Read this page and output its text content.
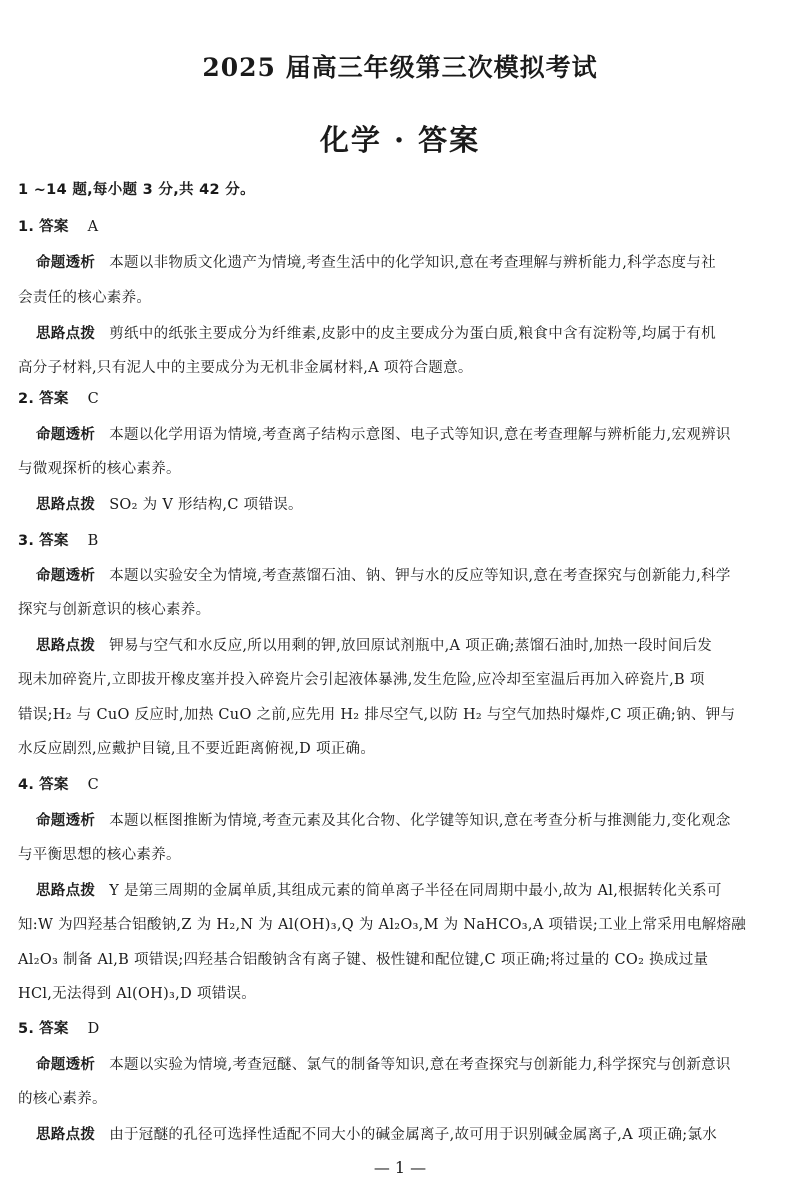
2025 届高三年级第三次模拟考试
化学 · 答案
1 ~14 题,每小题 3 分,共 42 分。
1. 答案 A
命题透析 本题以非物质文化遗产为情境,考查生活中的化学知识,意在考查理解与辨析能力,科学态度与社
会责任的核心素养。
思路点拨 剪纸中的纸张主要成分为纤维素,皮影中的皮主要成分为蛋白质,粮食中含有淀粉等,均属于有机
高分子材料,只有泥人中的主要成分为无机非金属材料,A 项符合题意。
2. 答案 C
命题透析 本题以化学用语为情境,考查离子结构示意图、电子式等知识,意在考查理解与辨析能力,宏观辨识
与微观探析的核心素养。
思路点拨 SO₂ 为 V 形结构,C 项错误。
3. 答案 B
命题透析 本题以实验安全为情境,考查蒸馏石油、钠、钾与水的反应等知识,意在考查探究与创新能力,科学
探究与创新意识的核心素养。
思路点拨 钾易与空气和水反应,所以用剩的钾,放回原试剂瓶中,A 项正确;蒸馏石油时,加热一段时间后发
现未加碎瓷片,立即拔开橡皮塞并投入碎瓷片会引起液体暴沸,发生危险,应冷却至室温后再加入碎瓷片,B 项
错误;H₂ 与 CuO 反应时,加热 CuO 之前,应先用 H₂ 排尽空气,以防 H₂ 与空气加热时爆炸,C 项正确;钠、钾与
水反应剧烈,应戴护目镜,且不要近距离俯视,D 项正确。
4. 答案 C
命题透析 本题以框图推断为情境,考查元素及其化合物、化学键等知识,意在考查分析与推测能力,变化观念
与平衡思想的核心素养。
思路点拨 Y 是第三周期的金属单质,其组成元素的简单离子半径在同周期中最小,故为 Al,根据转化关系可
知:W 为四羟基合铝酸钠,Z 为 H₂,N 为 Al(OH)₃,Q 为 Al₂O₃,M 为 NaHCO₃,A 项错误;工业上常采用电解熔融
Al₂O₃ 制备 Al,B 项错误;四羟基合铝酸钠含有离子键、极性键和配位键,C 项正确;将过量的 CO₂ 换成过量
HCl,无法得到 Al(OH)₃,D 项错误。
5. 答案 D
命题透析 本题以实验为情境,考查冠醚、氯气的制备等知识,意在考查探究与创新能力,科学探究与创新意识
的核心素养。
思路点拨 由于冠醚的孔径可选择性适配不同大小的碱金属离子,故可用于识别碱金属离子,A 项正确;氯水
— 1 —
